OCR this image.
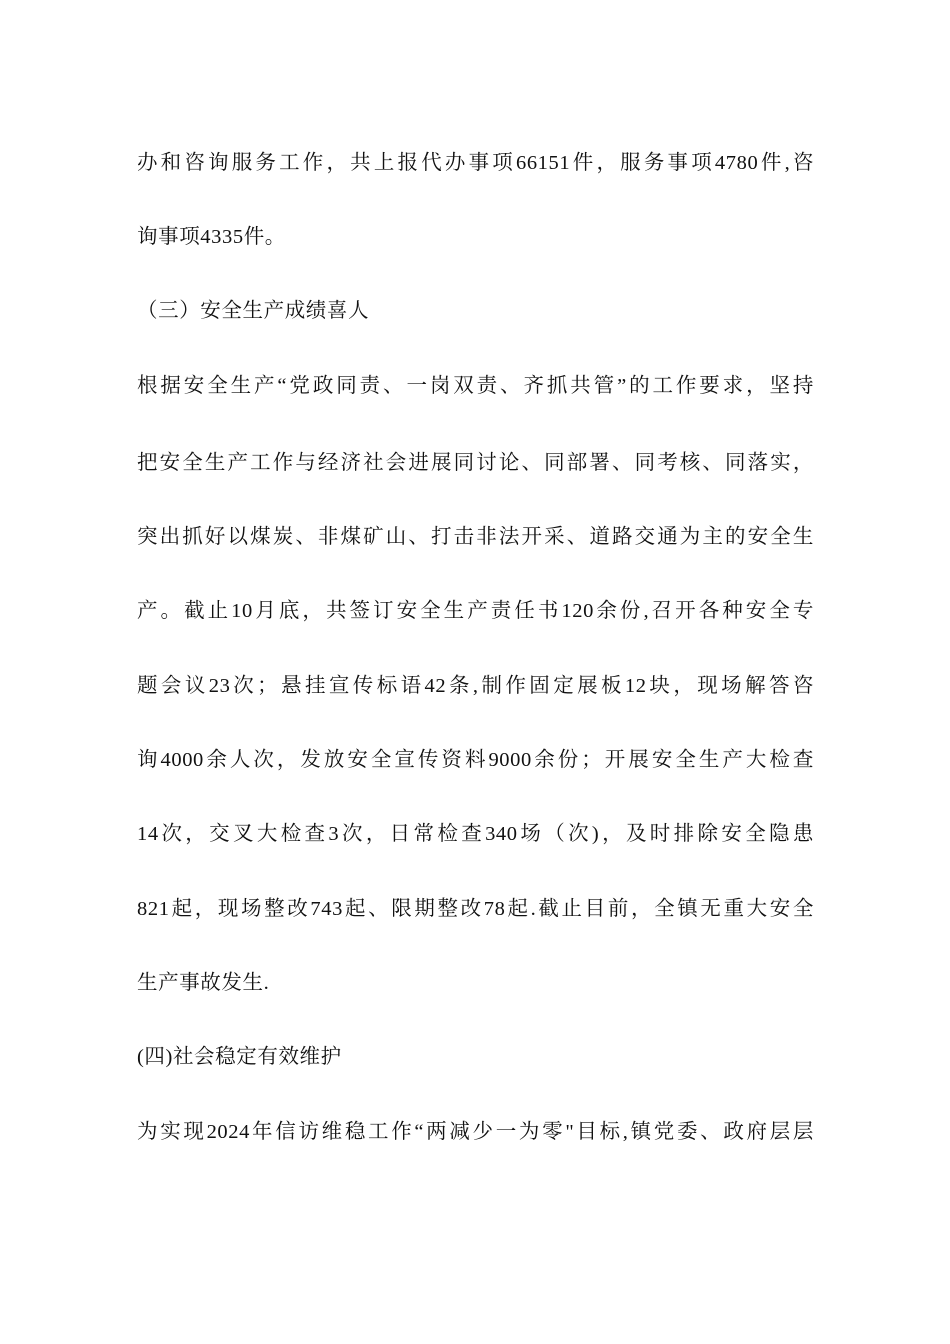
办和咨询服务工作，共上报代办事项66151件，服务事项4780件,咨
询事项4335件。
（三）安全生产成绩喜人
根据安全生产“党政同责、一岗双责、齐抓共管”的工作要求，坚持
把安全生产工作与经济社会进展同讨论、同部署、同考核、同落实，
突出抓好以煤炭、非煤矿山、打击非法开采、道路交通为主的安全生
产。截止10月底，共签订安全生产责任书120余份,召开各种安全专
题会议23次；悬挂宣传标语42条,制作固定展板12块，现场解答咨
询4000余人次，发放安全宣传资料9000余份；开展安全生产大检查
14次，交叉大检查3次，日常检查340场（次)，及时排除安全隐患
821起，现场整改743起、限期整改78起.截止目前，全镇无重大安全
生产事故发生.
(四)社会稳定有效维护
为实现2024年信访维稳工作“两减少一为零"目标,镇党委、政府层层
